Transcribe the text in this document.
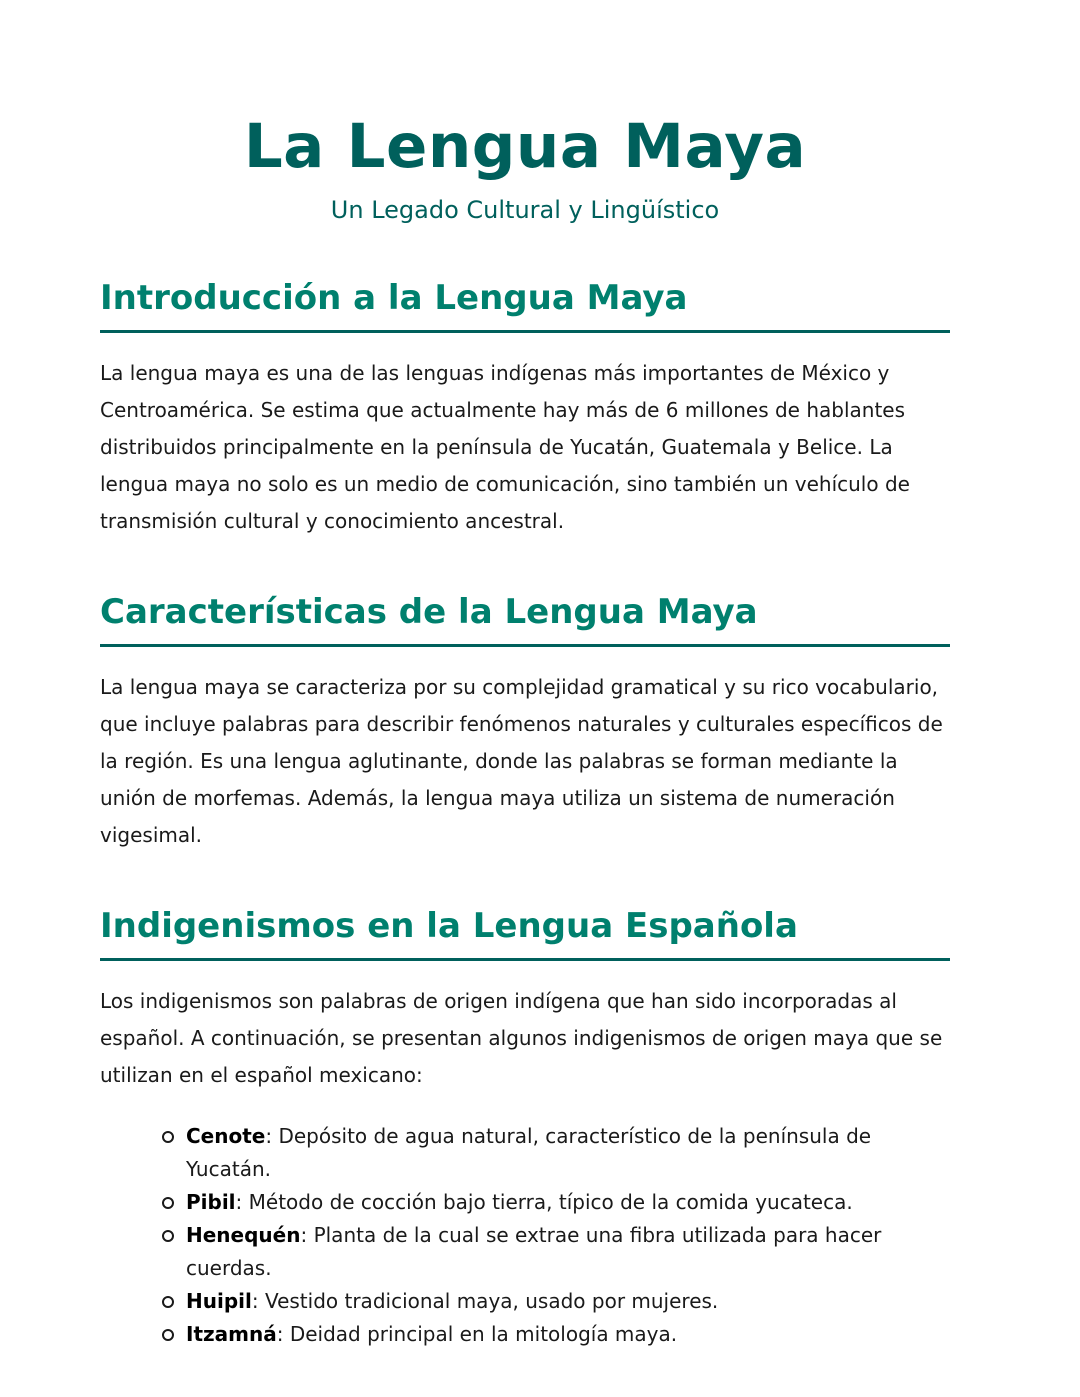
La Lengua Maya

Un Legado Cultural y Lingüístico

Introducción a la Lengua Maya

La lengua maya es una de las lenguas indígenas más importantes de México y Centroamérica. Se estima que actualmente hay más de 6 millones de hablantes distribuidos principalmente en la península de Yucatán, Guatemala y Belice. La lengua maya no solo es un medio de comunicación, sino también un vehículo de transmisión cultural y conocimiento ancestral.

Características de la Lengua Maya

La lengua maya se caracteriza por su complejidad gramatical y su rico vocabulario, que incluye palabras para describir fenómenos naturales y culturales específicos de la región. Es una lengua aglutinante, donde las palabras se forman mediante la unión de morfemas. Además, la lengua maya utiliza un sistema de numeración vigesimal.

Indigenismos en la Lengua Española

Los indigenismos son palabras de origen indígena que han sido incorporadas al español. A continuación, se presentan algunos indigenismos de origen maya que se utilizan en el español mexicano:

Cenote: Depósito de agua natural, característico de la península de Yucatán.
Pibil: Método de cocción bajo tierra, típico de la comida yucateca.
Henequén: Planta de la cual se extrae una fibra utilizada para hacer cuerdas.
Huipil: Vestido tradicional maya, usado por mujeres.
Itzamná: Deidad principal en la mitología maya.
